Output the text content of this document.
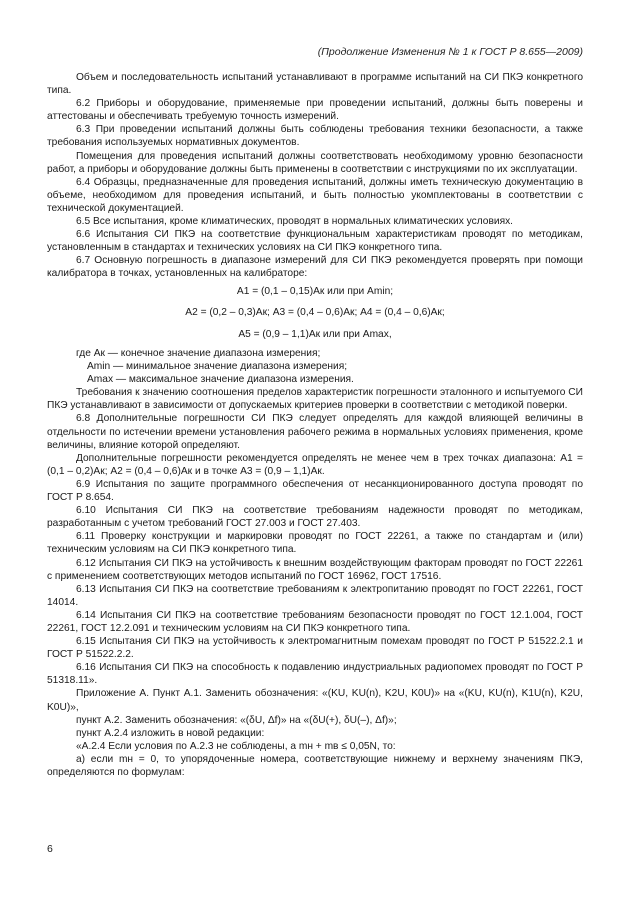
(Продолжение Изменения № 1 к ГОСТ Р 8.655—2009)

Объем и последовательность испытаний устанавливают в программе испытаний на СИ ПКЭ конкретного типа.

6.2 Приборы и оборудование, применяемые при проведении испытаний, должны быть поверены и аттестованы и обеспечивать требуемую точность измерений.

6.3 При проведении испытаний должны быть соблюдены требования техники безопасности, а также требования используемых нормативных документов.

Помещения для проведения испытаний должны соответствовать необходимому уровню безопасности работ, а приборы и оборудование должны быть применены в соответствии с инструкциями по их эксплуатации.

6.4 Образцы, предназначенные для проведения испытаний, должны иметь техническую документацию в объеме, необходимом для проведения испытаний, и быть полностью укомплектованы в соответствии с технической документацией.

6.5 Все испытания, кроме климатических, проводят в нормальных климатических условиях.

6.6 Испытания СИ ПКЭ на соответствие функциональным характеристикам проводят по методикам, установленным в стандартах и технических условиях на СИ ПКЭ конкретного типа.

6.7 Основную погрешность в диапазоне измерений для СИ ПКЭ рекомендуется проверять при помощи калибратора в точках, установленных на калибраторе:

A1 = (0,1 – 0,15)Aк или при Amin;

A2 = (0,2 – 0,3)Aк; A3 = (0,4 – 0,6)Aк; A4 = (0,4 – 0,6)Aк;

A5 = (0,9 – 1,1)Aк или при Amax,

где Aк — конечное значение диапазона измерения;

Amin — минимальное значение диапазона измерения;

Amax — максимальное значение диапазона измерения.

Требования к значению соотношения пределов характеристик погрешности эталонного и испытуемого СИ ПКЭ устанавливают в зависимости от допускаемых критериев проверки в соответствии с методикой поверки.

6.8 Дополнительные погрешности СИ ПКЭ следует определять для каждой влияющей величины в отдельности по истечении времени установления рабочего режима в нормальных условиях применения, кроме величины, влияние которой определяют.

Дополнительные погрешности рекомендуется определять не менее чем в трех точках диапазона: A1 = (0,1 – 0,2)Aк; A2 = (0,4 – 0,6)Aк и в точке A3 = (0,9 – 1,1)Aк.

6.9 Испытания по защите программного обеспечения от несанкционированного доступа проводят по ГОСТ Р 8.654.

6.10 Испытания СИ ПКЭ на соответствие требованиям надежности проводят по методикам, разработанным с учетом требований ГОСТ 27.003 и ГОСТ 27.403.

6.11 Проверку конструкции и маркировки проводят по ГОСТ 22261, а также по стандартам и (или) техническим условиям на СИ ПКЭ конкретного типа.

6.12 Испытания СИ ПКЭ на устойчивость к внешним воздействующим факторам проводят по ГОСТ 22261 с применением соответствующих методов испытаний по ГОСТ 16962, ГОСТ 17516.

6.13 Испытания СИ ПКЭ на соответствие требованиям к электропитанию проводят по ГОСТ 22261, ГОСТ 14014.

6.14 Испытания СИ ПКЭ на соответствие требованиям безопасности проводят по ГОСТ 12.1.004, ГОСТ 22261, ГОСТ 12.2.091 и техническим условиям на СИ ПКЭ конкретного типа.

6.15 Испытания СИ ПКЭ на устойчивость к электромагнитным помехам проводят по ГОСТ Р 51522.2.1 и ГОСТ Р 51522.2.2.

6.16 Испытания СИ ПКЭ на способность к подавлению индустриальных радиопомех проводят по ГОСТ Р 51318.11».

Приложение А. Пункт А.1. Заменить обозначения: «(KU, KU(n), K2U, K0U)» на «(KU, KU(n), K1U(n), K2U, K0U)»,

пункт А.2. Заменить обозначения: «(δU, Δf)» на «(δU(+), δU(–), Δf)»;

пункт А.2.4 изложить в новой редакции:

«А.2.4 Если условия по А.2.3 не соблюдены, а mн + mв ≤ 0,05N, то:

а) если mн = 0, то упорядоченные номера, соответствующие нижнему и верхнему значениям ПКЭ, определяются по формулам:

6
